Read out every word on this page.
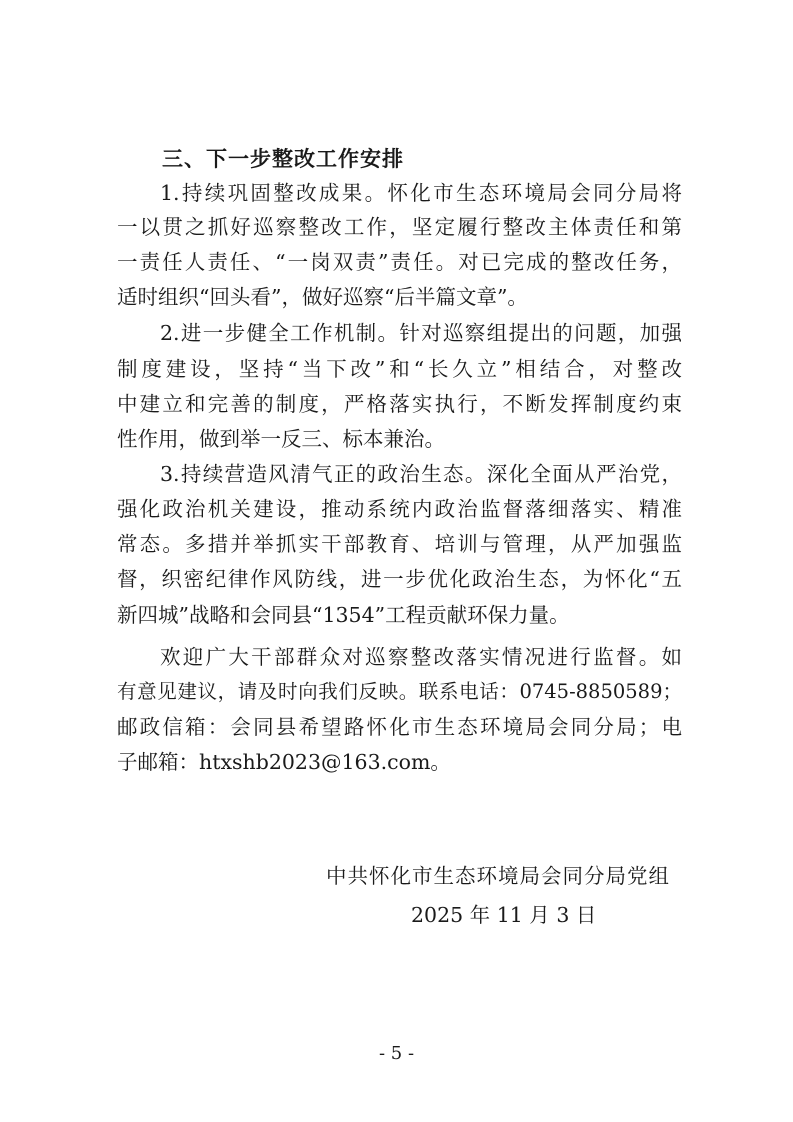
三、下一步整改工作安排
1.持续巩固整改成果。怀化市生态环境局会同分局将
一以贯之抓好巡察整改工作，坚定履行整改主体责任和第
一责任人责任、“一岗双责”责任。对已完成的整改任务，
适时组织“回头看”，做好巡察“后半篇文章”。
2.进一步健全工作机制。针对巡察组提出的问题，加强
制度建设，坚持“当下改”和“长久立”相结合，对整改
中建立和完善的制度，严格落实执行，不断发挥制度约束
性作用，做到举一反三、标本兼治。
3.持续营造风清气正的政治生态。深化全面从严治党，
强化政治机关建设，推动系统内政治监督落细落实、精准
常态。多措并举抓实干部教育、培训与管理，从严加强监
督，织密纪律作风防线，进一步优化政治生态，为怀化“五
新四城”战略和会同县“1354”工程贡献环保力量。
欢迎广大干部群众对巡察整改落实情况进行监督。如
有意见建议，请及时向我们反映。联系电话：0745-8850589；
邮政信箱：会同县希望路怀化市生态环境局会同分局；电
子邮箱：htxshb2023@163.com。
中共怀化市生态环境局会同分局党组
2025 年 11 月 3 日
- 5 -
